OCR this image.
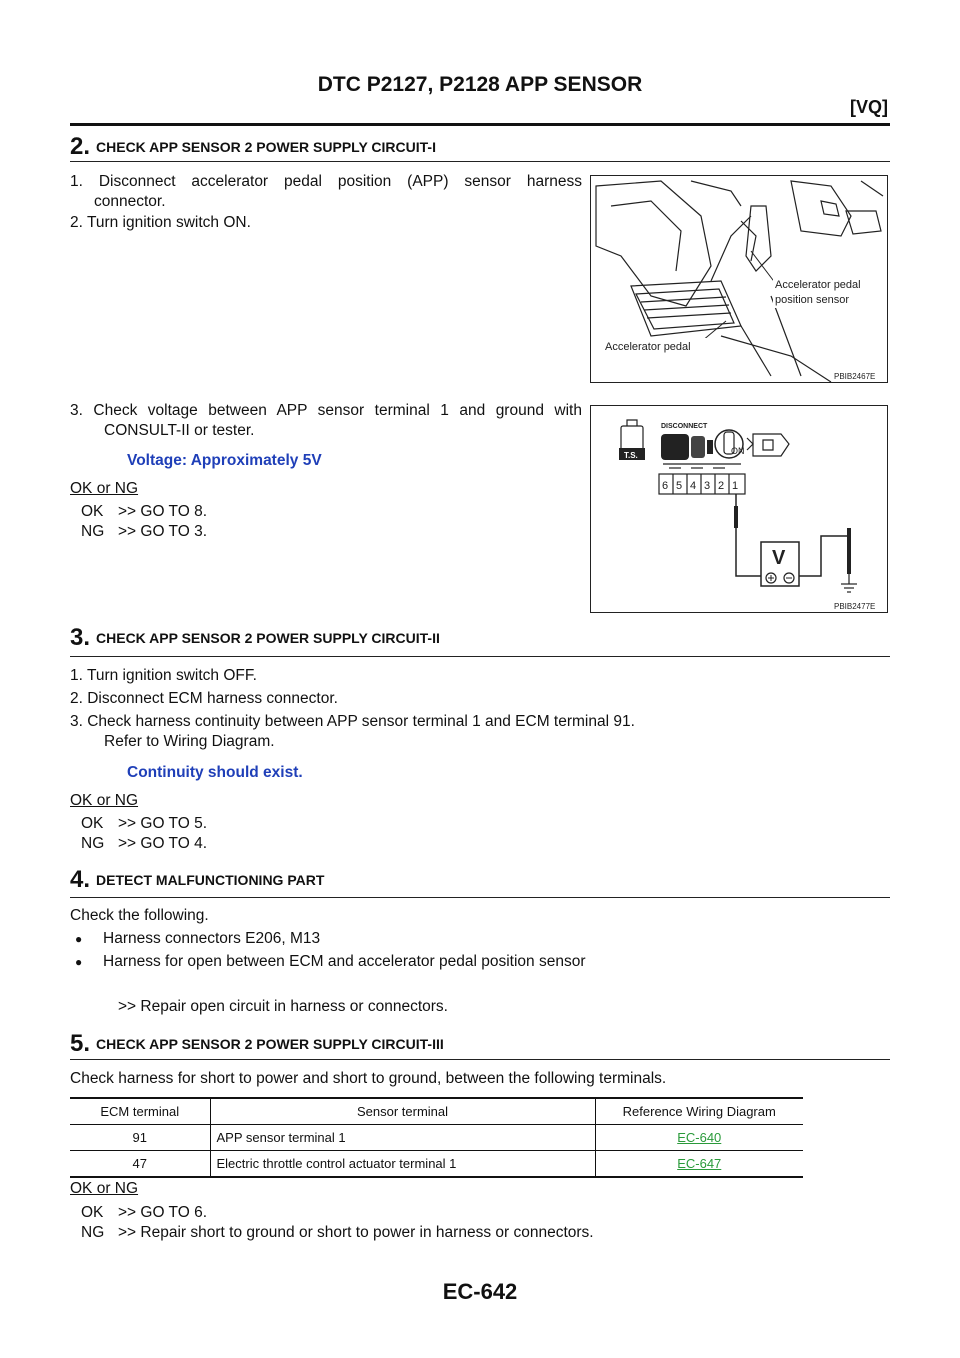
DTC P2127, P2128 APP SENSOR
[VQ]
2. CHECK APP SENSOR 2 POWER SUPPLY CIRCUIT-I
1. Disconnect accelerator pedal position (APP) sensor harness
connector.
2. Turn ignition switch ON.
Accelerator pedal
position sensor
Accelerator pedal
PBIB2467E
3. Check voltage between APP sensor terminal 1 and ground with
CONSULT-II or tester.
Voltage: Approximately 5V
OK or NG
OK >> GO TO 8.
NG >> GO TO 3.
T.S.
DISCONNECT
ON
6 5 4 3 2 1
V
PBIB2477E
3. CHECK APP SENSOR 2 POWER SUPPLY CIRCUIT-II
1. Turn ignition switch OFF.
2. Disconnect ECM harness connector.
3. Check harness continuity between APP sensor terminal 1 and ECM terminal 91.
Refer to Wiring Diagram.
Continuity should exist.
OK or NG
OK >> GO TO 5.
NG >> GO TO 4.
4. DETECT MALFUNCTIONING PART
Check the following.
● Harness connectors E206, M13
● Harness for open between ECM and accelerator pedal position sensor
>> Repair open circuit in harness or connectors.
5. CHECK APP SENSOR 2 POWER SUPPLY CIRCUIT-III
Check harness for short to power and short to ground, between the following terminals.
ECM terminal	Sensor terminal	Reference Wiring Diagram
91	APP sensor terminal 1	EC-640
47	Electric throttle control actuator terminal 1	EC-647
OK or NG
OK >> GO TO 6.
NG >> Repair short to ground or short to power in harness or connectors.
EC-642
